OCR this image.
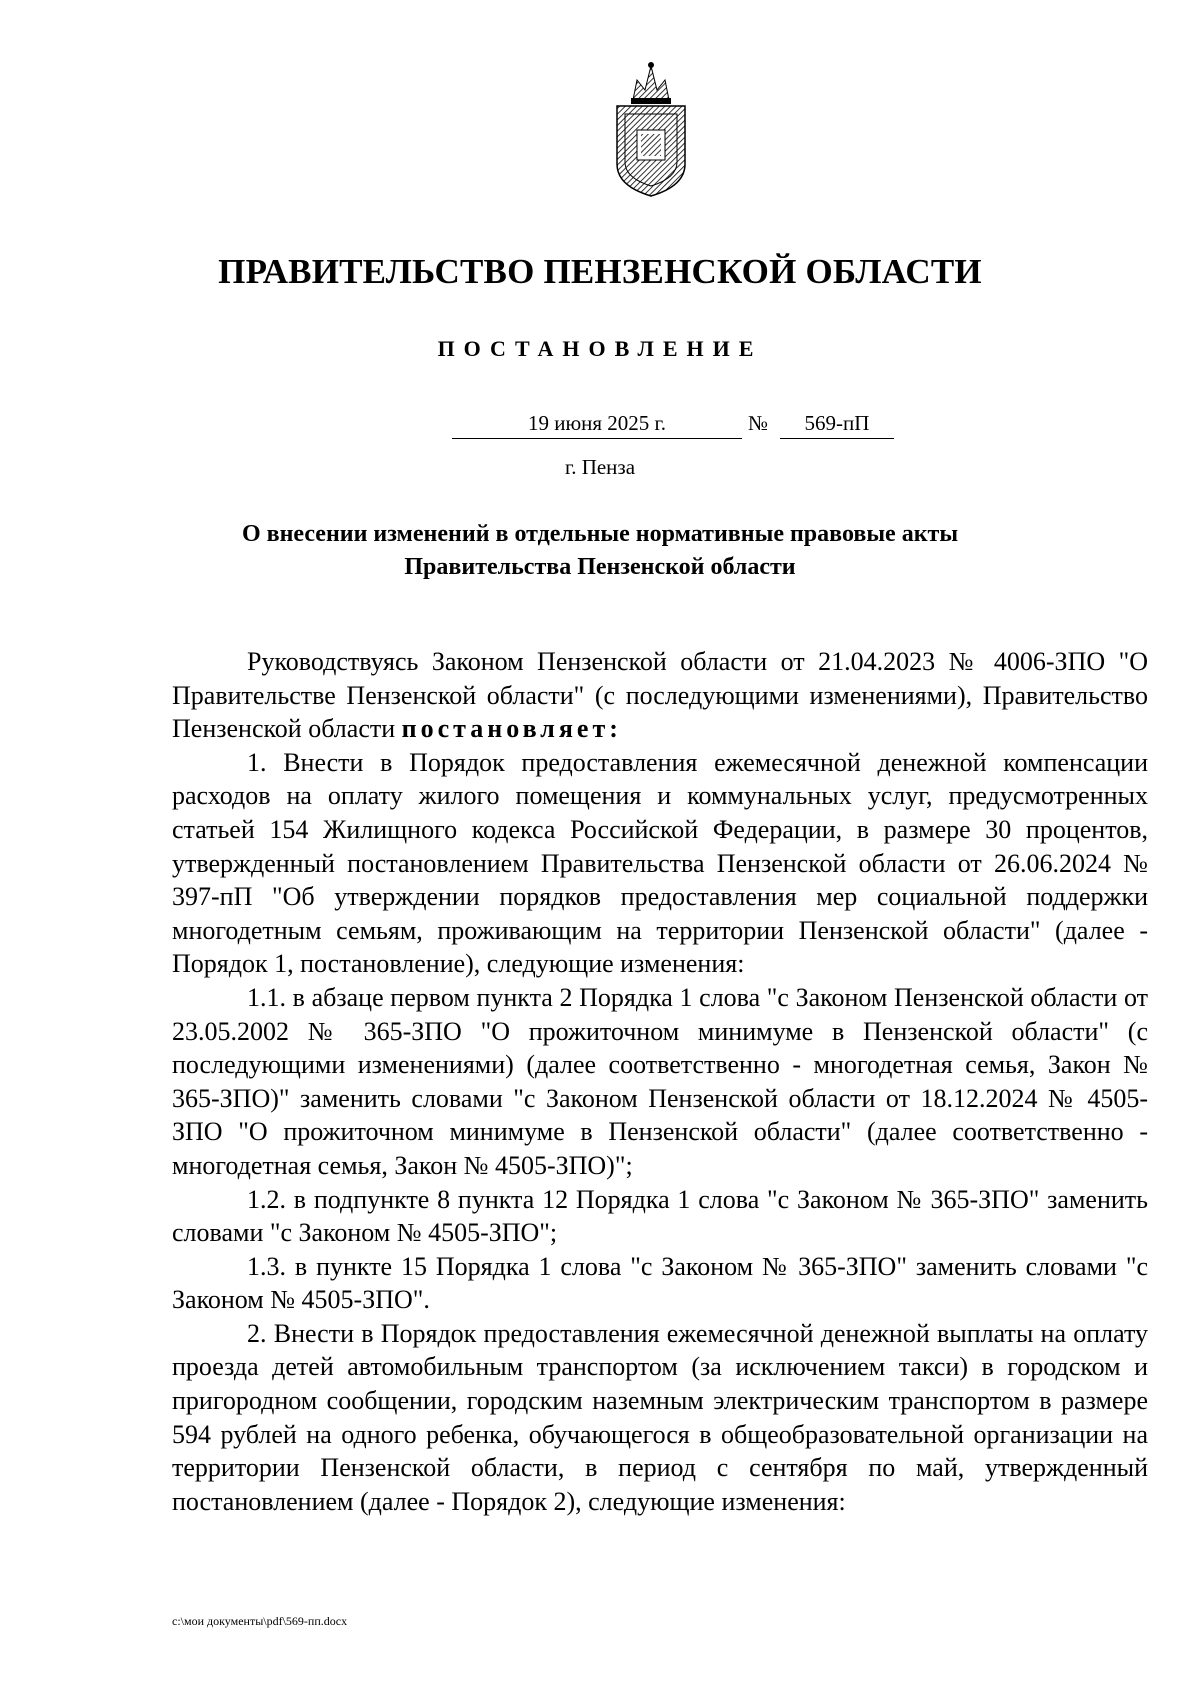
ПРАВИТЕЛЬСТВО ПЕНЗЕНСКОЙ ОБЛАСТИ
ПОСТАНОВЛЕНИЕ
19 июня 2025 г.	№	569-пП
г. Пенза
О внесении изменений в отдельные нормативные правовые акты
Правительства Пензенской области

Руководствуясь Законом Пензенской области от 21.04.2023 № 4006-ЗПО "О Правительстве Пензенской области" (с последующими изменениями), Правительство Пензенской области постановляет:

1. Внести в Порядок предоставления ежемесячной денежной компенсации расходов на оплату жилого помещения и коммунальных услуг, предусмотренных статьей 154 Жилищного кодекса Российской Федерации, в размере 30 процентов, утвержденный постановлением Правительства Пензенской области от 26.06.2024 № 397-пП "Об утверждении порядков предоставления мер социальной поддержки многодетным семьям, проживающим на территории Пензенской области" (далее - Порядок 1, постановление), следующие изменения:

1.1. в абзаце первом пункта 2 Порядка 1 слова "с Законом Пензенской области от 23.05.2002 № 365-ЗПО "О прожиточном минимуме в Пензенской области" (с последующими изменениями) (далее соответственно - многодетная семья, Закон № 365-ЗПО)" заменить словами "с Законом Пензенской области от 18.12.2024 № 4505-ЗПО "О прожиточном минимуме в Пензенской области" (далее соответственно - многодетная семья, Закон № 4505-ЗПО)";

1.2. в подпункте 8 пункта 12 Порядка 1 слова "с Законом № 365-ЗПО" заменить словами "с Законом № 4505-ЗПО";

1.3. в пункте 15 Порядка 1 слова "с Законом № 365-ЗПО" заменить словами "с Законом № 4505-ЗПО".

2. Внести в Порядок предоставления ежемесячной денежной выплаты на оплату проезда детей автомобильным транспортом (за исключением такси) в городском и пригородном сообщении, городским наземным электрическим транспортом в размере 594 рублей на одного ребенка, обучающегося в общеобразовательной организации на территории Пензенской области, в период с сентября по май, утвержденный постановлением (далее - Порядок 2), следующие изменения:

c:\мои документы\pdf\569-пп.docx
